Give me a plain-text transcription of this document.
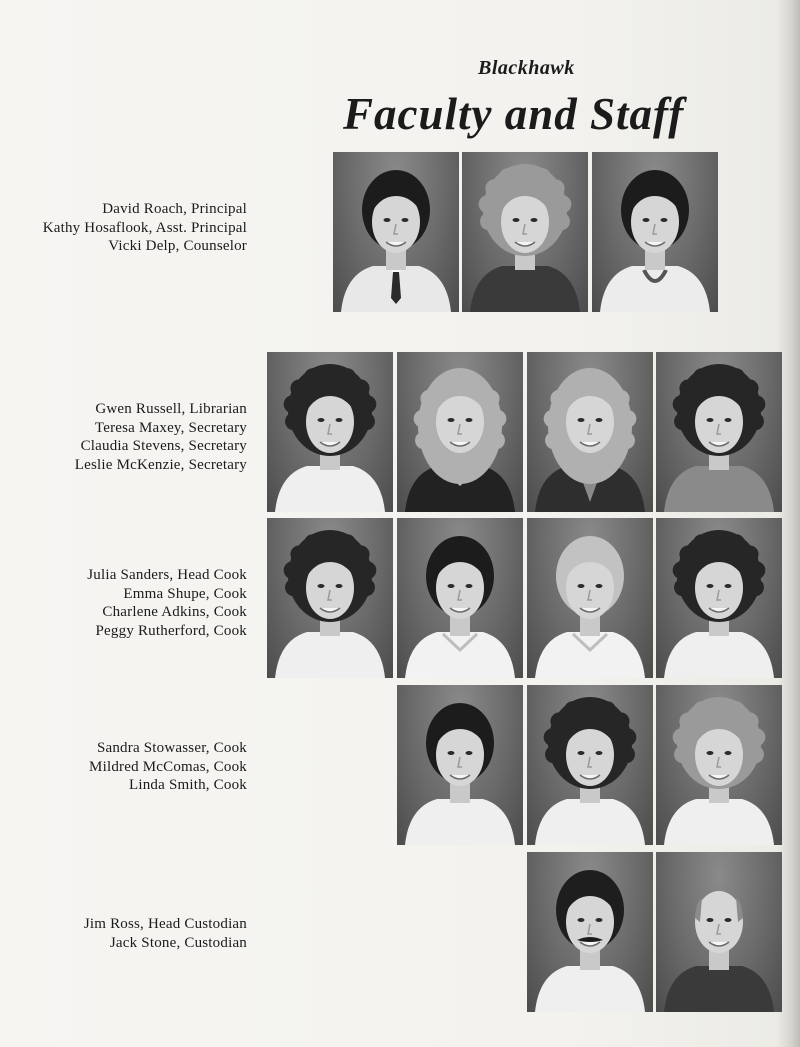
Blackhawk
Faculty and Staff
David Roach, Principal
Kathy Hosaflook, Asst. Principal
Vicki Delp, Counselor
Gwen Russell, Librarian
Teresa Maxey, Secretary
Claudia Stevens, Secretary
Leslie McKenzie, Secretary
Julia Sanders, Head Cook
Emma Shupe, Cook
Charlene Adkins, Cook
Peggy Rutherford, Cook
Sandra Stowasser, Cook
Mildred McComas, Cook
Linda Smith, Cook
Jim Ross, Head Custodian
Jack Stone, Custodian
